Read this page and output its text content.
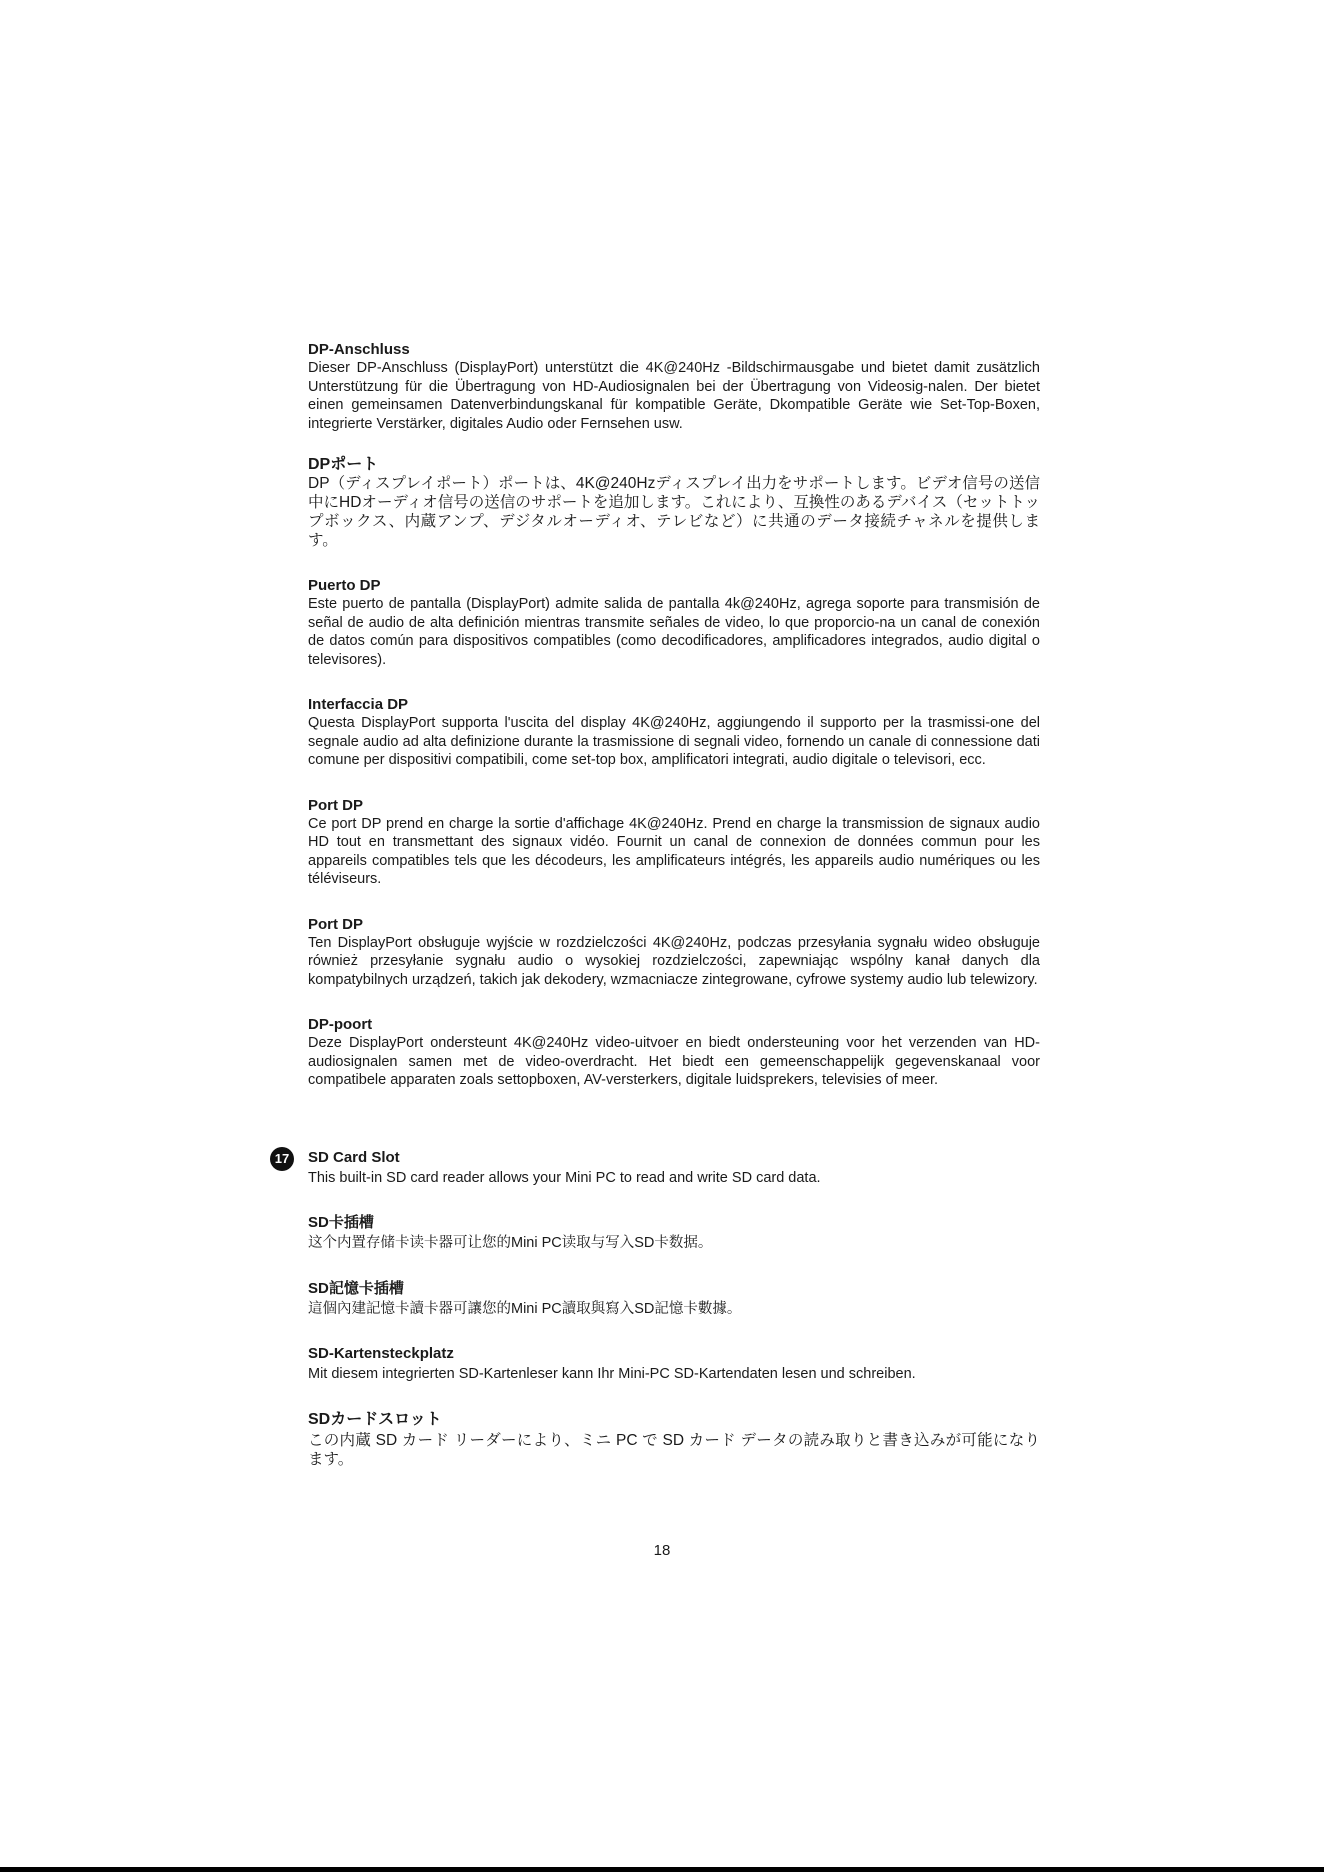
DP-Anschluss

Dieser DP-Anschluss (DisplayPort) unterstützt die 4K@240Hz -Bildschirmausgabe und bietet damit zusätzlich Unterstützung für die Übertragung von HD-Audiosignalen bei der Übertragung von Videosig-nalen. Der bietet einen gemeinsamen Datenverbindungskanal für kompatible Geräte, Dkompatible Geräte wie Set-Top-Boxen, integrierte Verstärker, digitales Audio oder Fernsehen usw.

DPポート

DP（ディスプレイポート）ポートは、4K@240Hzディスプレイ出力をサポートします。ビデオ信号の送信中にHDオーディオ信号の送信のサポートを追加します。これにより、互換性のあるデバイス（セットトップボックス、内蔵アンプ、デジタルオーディオ、テレビなど）に共通のデータ接続チャネルを提供します。

Puerto DP

Este puerto de pantalla (DisplayPort) admite salida de pantalla 4k@240Hz, agrega soporte para transmisión de señal de audio de alta definición mientras transmite señales de video, lo que proporcio-na un canal de conexión de datos común para dispositivos compatibles (como decodificadores, amplificadores integrados, audio digital o televisores).

Interfaccia DP

Questa DisplayPort supporta l'uscita del display 4K@240Hz, aggiungendo il supporto per la trasmissi-one del segnale audio ad alta definizione durante la trasmissione di segnali video, fornendo un canale di connessione dati comune per dispositivi compatibili, come set-top box, amplificatori integrati, audio digitale o televisori, ecc.

Port DP

Ce port DP prend en charge la sortie d'affichage 4K@240Hz. Prend en charge la transmission de signaux audio HD tout en transmettant des signaux vidéo. Fournit un canal de connexion de données commun pour les appareils compatibles tels que les décodeurs, les amplificateurs intégrés, les appareils audio numériques ou les téléviseurs.

Port DP

Ten DisplayPort obsługuje wyjście w rozdzielczości 4K@240Hz, podczas przesyłania sygnału wideo obsługuje również przesyłanie sygnału audio o wysokiej rozdzielczości, zapewniając wspólny kanał danych dla kompatybilnych urządzeń, takich jak dekodery, wzmacniacze zintegrowane, cyfrowe systemy audio lub telewizory.

DP-poort

Deze DisplayPort ondersteunt 4K@240Hz video-uitvoer en biedt ondersteuning voor het verzenden van HD-audiosignalen samen met de video-overdracht. Het biedt een gemeenschappelijk gegevenskanaal voor compatibele apparaten zoals settopboxen, AV-versterkers, digitale luidsprekers, televisies of meer.

17	SD Card Slot

This built-in SD card reader allows your Mini PC to read and write SD card data.

SD卡插槽

这个内置存储卡读卡器可让您的Mini PC读取与写入SD卡数据。

SD記憶卡插槽

這個內建記憶卡讀卡器可讓您的Mini PC讀取與寫入SD記憶卡數據。

SD-Kartensteckplatz

Mit diesem integrierten SD-Kartenleser kann Ihr Mini-PC SD-Kartendaten lesen und schreiben.

SDカードスロット

この内蔵 SD カード リーダーにより、ミニ PC で SD カード データの読み取りと書き込みが可能になります。

18
